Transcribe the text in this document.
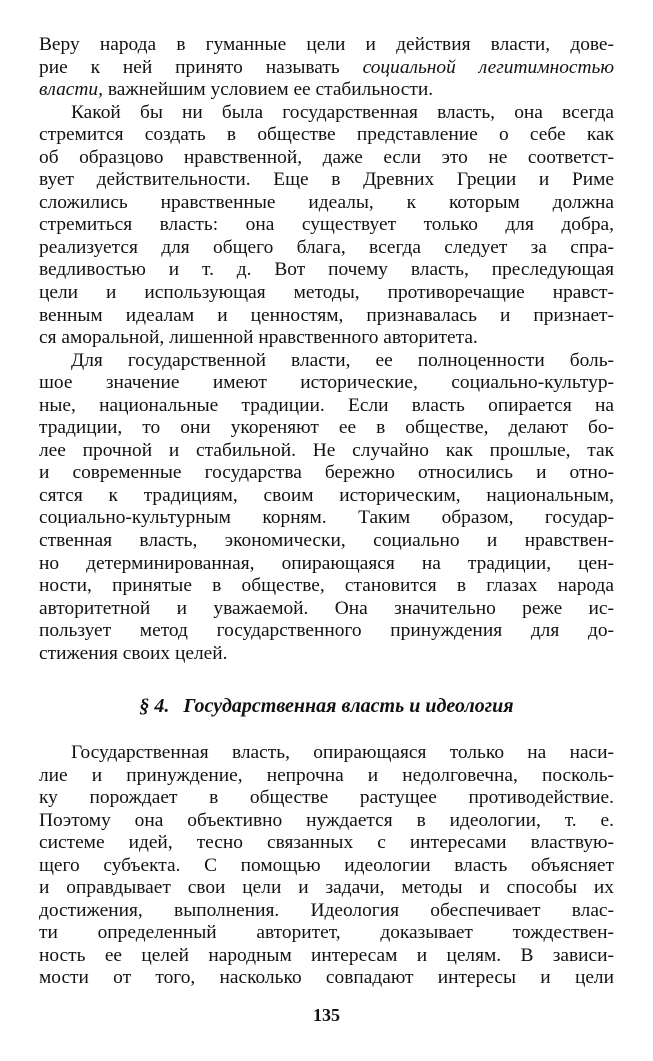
Веру народа в гуманные цели и действия власти, дове-
рие к ней принято называть социальной легитимностью
власти, важнейшим условием ее стабильности.
Какой бы ни была государственная власть, она всегда
стремится создать в обществе представление о себе как
об образцово нравственной, даже если это не соответст-
вует действительности. Еще в Древних Греции и Риме
сложились нравственные идеалы, к которым должна
стремиться власть: она существует только для добра,
реализуется для общего блага, всегда следует за спра-
ведливостью и т. д. Вот почему власть, преследующая
цели и использующая методы, противоречащие нравст-
венным идеалам и ценностям, признавалась и признает-
ся аморальной, лишенной нравственного авторитета.
Для государственной власти, ее полноценности боль-
шое значение имеют исторические, социально-культур-
ные, национальные традиции. Если власть опирается на
традиции, то они укореняют ее в обществе, делают бо-
лее прочной и стабильной. Не случайно как прошлые, так
и современные государства бережно относились и отно-
сятся к традициям, своим историческим, национальным,
социально-культурным корням. Таким образом, государ-
ственная власть, экономически, социально и нравствен-
но детерминированная, опирающаяся на традиции, цен-
ности, принятые в обществе, становится в глазах народа
авторитетной и уважаемой. Она значительно реже ис-
пользует метод государственного принуждения для до-
стижения своих целей.
§ 4. Государственная власть и идеология
Государственная власть, опирающаяся только на наси-
лие и принуждение, непрочна и недолговечна, посколь-
ку порождает в обществе растущее противодействие.
Поэтому она объективно нуждается в идеологии, т. е.
системе идей, тесно связанных с интересами властвую-
щего субъекта. С помощью идеологии власть объясняет
и оправдывает свои цели и задачи, методы и способы их
достижения, выполнения. Идеология обеспечивает влас-
ти определенный авторитет, доказывает тождествен-
ность ее целей народным интересам и целям. В зависи-
мости от того, насколько совпадают интересы и цели
135
